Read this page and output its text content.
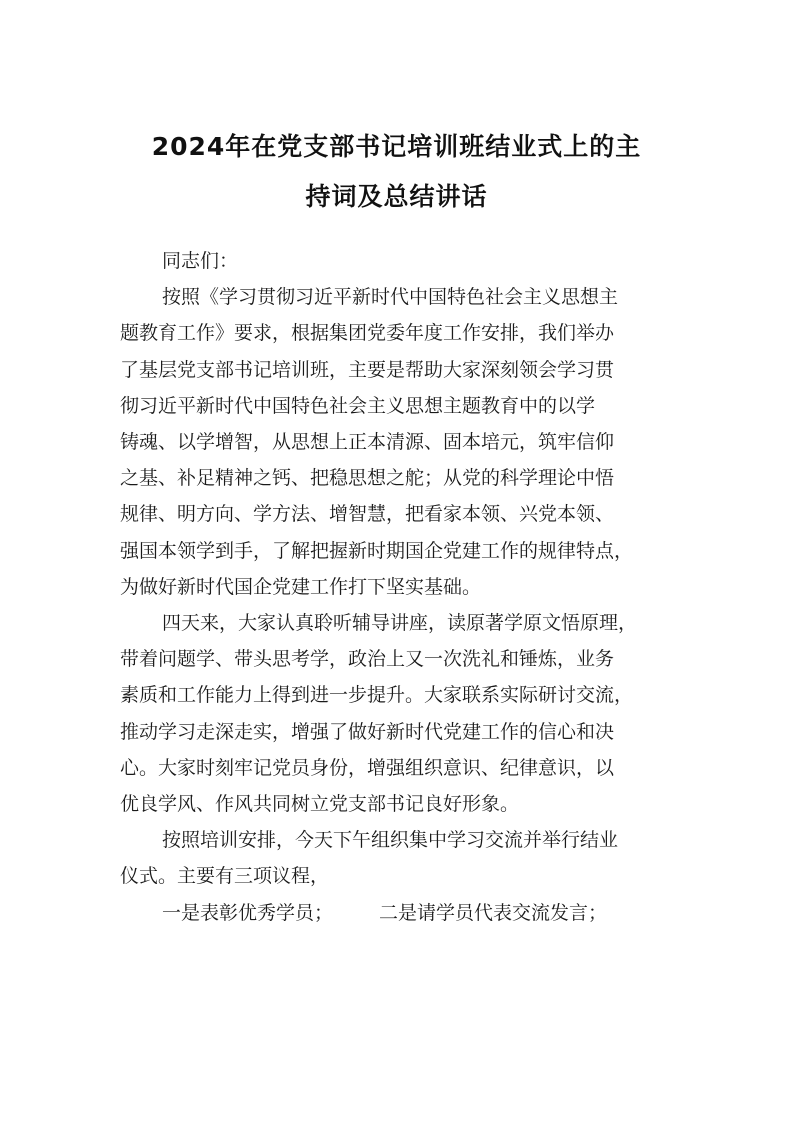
2024年在党支部书记培训班结业式上的主
持词及总结讲话
同志们：
按照《学习贯彻习近平新时代中国特色社会主义思想主
题教育工作》要求，根据集团党委年度工作安排，我们举办
了基层党支部书记培训班，主要是帮助大家深刻领会学习贯
彻习近平新时代中国特色社会主义思想主题教育中的以学
铸魂、以学增智，从思想上正本清源、固本培元，筑牢信仰
之基、补足精神之钙、把稳思想之舵；从党的科学理论中悟
规律、明方向、学方法、增智慧，把看家本领、兴党本领、
强国本领学到手，了解把握新时期国企党建工作的规律特点，
为做好新时代国企党建工作打下坚实基础。
四天来，大家认真聆听辅导讲座，读原著学原文悟原理，
带着问题学、带头思考学，政治上又一次洗礼和锤炼，业务
素质和工作能力上得到进一步提升。大家联系实际研讨交流，
推动学习走深走实，增强了做好新时代党建工作的信心和决
心。大家时刻牢记党员身份，增强组织意识、纪律意识，以
优良学风、作风共同树立党支部书记良好形象。
按照培训安排，今天下午组织集中学习交流并举行结业
仪式。主要有三项议程，
一是表彰优秀学员； 二是请学员代表交流发言；
